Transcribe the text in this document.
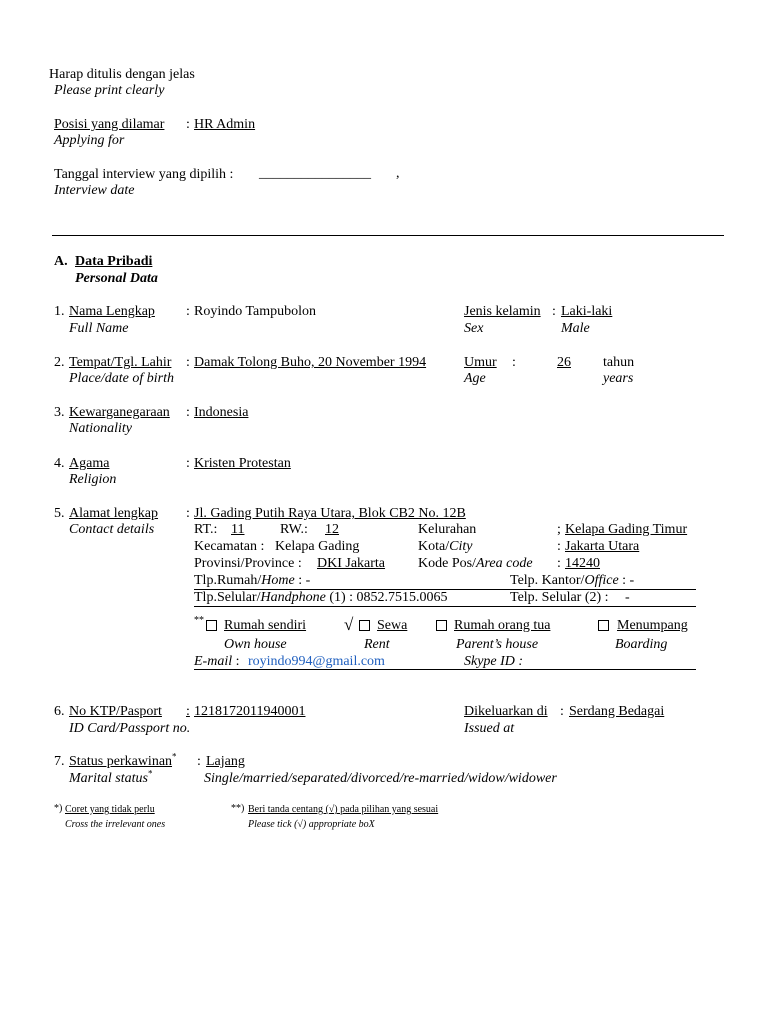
Harap ditulis dengan jelas
Please print clearly
Posisi yang dilamar : HR Admin
Applying for
Tanggal interview yang dipilih : ________________ ,
Interview date
A. Data Pribadi
Personal Data
1. Nama Lengkap
Full Name
: Royindo Tampubolon	Jenis kelamin : Laki-laki
Sex	Male
2. Tempat/Tgl. Lahir
Place/date of birth
: Damak Tolong Buho, 20 November 1994	Umur :	26 tahun
Age	years
3. Kewarganegaraan
Nationality
: Indonesia
4. Agama
Religion
: Kristen Protestan
5. Alamat lengkap
Contact details
: Jl. Gading Putih Raya Utara, Blok CB2 No. 12B
RT.: 11	RW.: 12	Kelurahan	; Kelapa Gading Timur
Kecamatan : Kelapa Gading	Kota/City	: Jakarta Utara
Provinsi/Province : DKI Jakarta Kode Pos/Area code : 14240
Tlp.Rumah/Home : -	Telp. Kantor/Office : -
Tlp.Selular/Handphone (1) : 0852.7515.0065	Telp. Selular (2) : -
** Rumah sendiri
Own house
√ Sewa
Rent
Rumah orang tua
Parent’s house
Menumpang
Boarding
E-mail : royindo994@gmail.com	Skype ID :
6. No KTP/Pasport
ID Card/Passport no.
: 1218172011940001	Dikeluarkan di : Serdang Bedagai
Issued at
7. Status perkawinan* : Lajang
Marital status*	Single/married/separated/divorced/re-married/widow/widower
*) Coret yang tidak perlu
Cross the irrelevant ones
**) Beri tanda centang (√) pada pilihan yang sesuai
Please tick (√) appropriate boX
